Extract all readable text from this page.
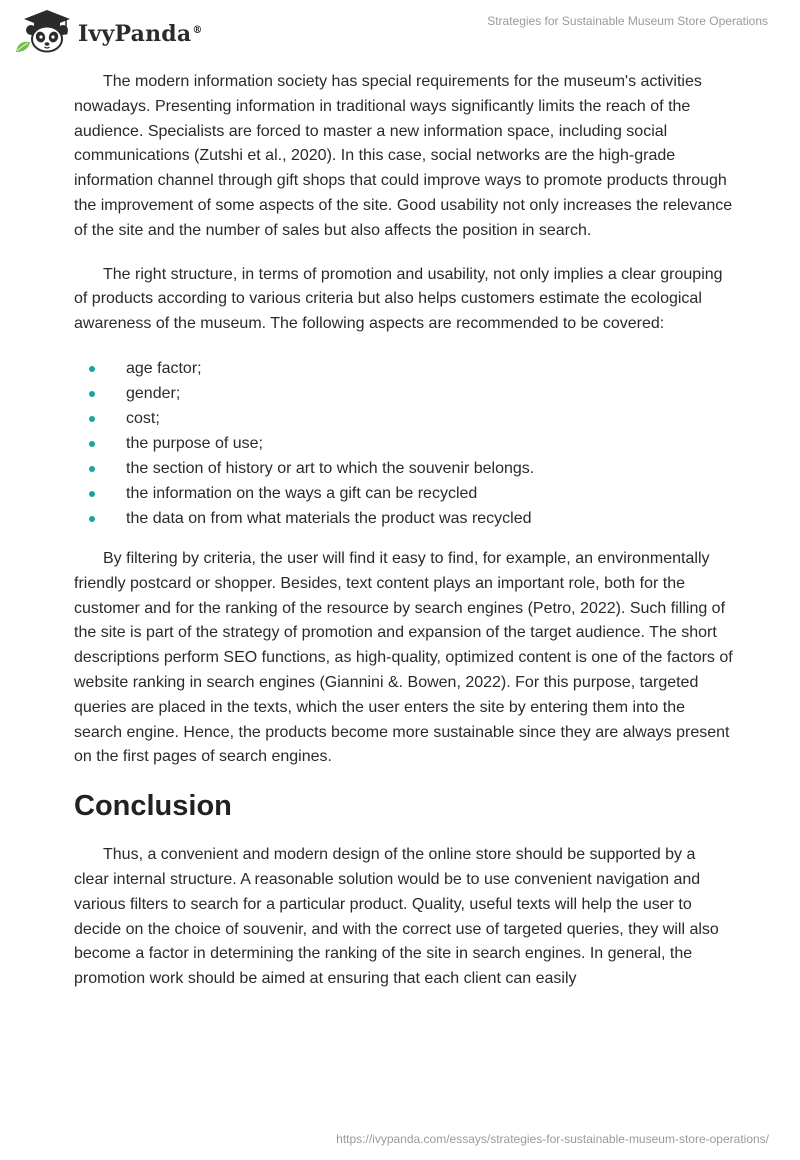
IvyPanda®
Strategies for Sustainable Museum Store Operations

The modern information society has special requirements for the museum's activities nowadays. Presenting information in traditional ways significantly limits the reach of the audience. Specialists are forced to master a new information space, including social communications (Zutshi et al., 2020). In this case, social networks are the high-grade information channel through gift shops that could improve ways to promote products through the improvement of some aspects of the site. Good usability not only increases the relevance of the site and the number of sales but also affects the position in search.

The right structure, in terms of promotion and usability, not only implies a clear grouping of products according to various criteria but also helps customers estimate the ecological awareness of the museum. The following aspects are recommended to be covered:

age factor;
gender;
cost;
the purpose of use;
the section of history or art to which the souvenir belongs.
the information on the ways a gift can be recycled
the data on from what materials the product was recycled

By filtering by criteria, the user will find it easy to find, for example, an environmentally friendly postcard or shopper. Besides, text content plays an important role, both for the customer and for the ranking of the resource by search engines (Petro, 2022). Such filling of the site is part of the strategy of promotion and expansion of the target audience. The short descriptions perform SEO functions, as high-quality, optimized content is one of the factors of website ranking in search engines (Giannini &. Bowen, 2022). For this purpose, targeted queries are placed in the texts, which the user enters the site by entering them into the search engine. Hence, the products become more sustainable since they are always present on the first pages of search engines.

Conclusion

Thus, a convenient and modern design of the online store should be supported by a clear internal structure. A reasonable solution would be to use convenient navigation and various filters to search for a particular product. Quality, useful texts will help the user to decide on the choice of souvenir, and with the correct use of targeted queries, they will also become a factor in determining the ranking of the site in search engines. In general, the promotion work should be aimed at ensuring that each client can easily

https://ivypanda.com/essays/strategies-for-sustainable-museum-store-operations/
